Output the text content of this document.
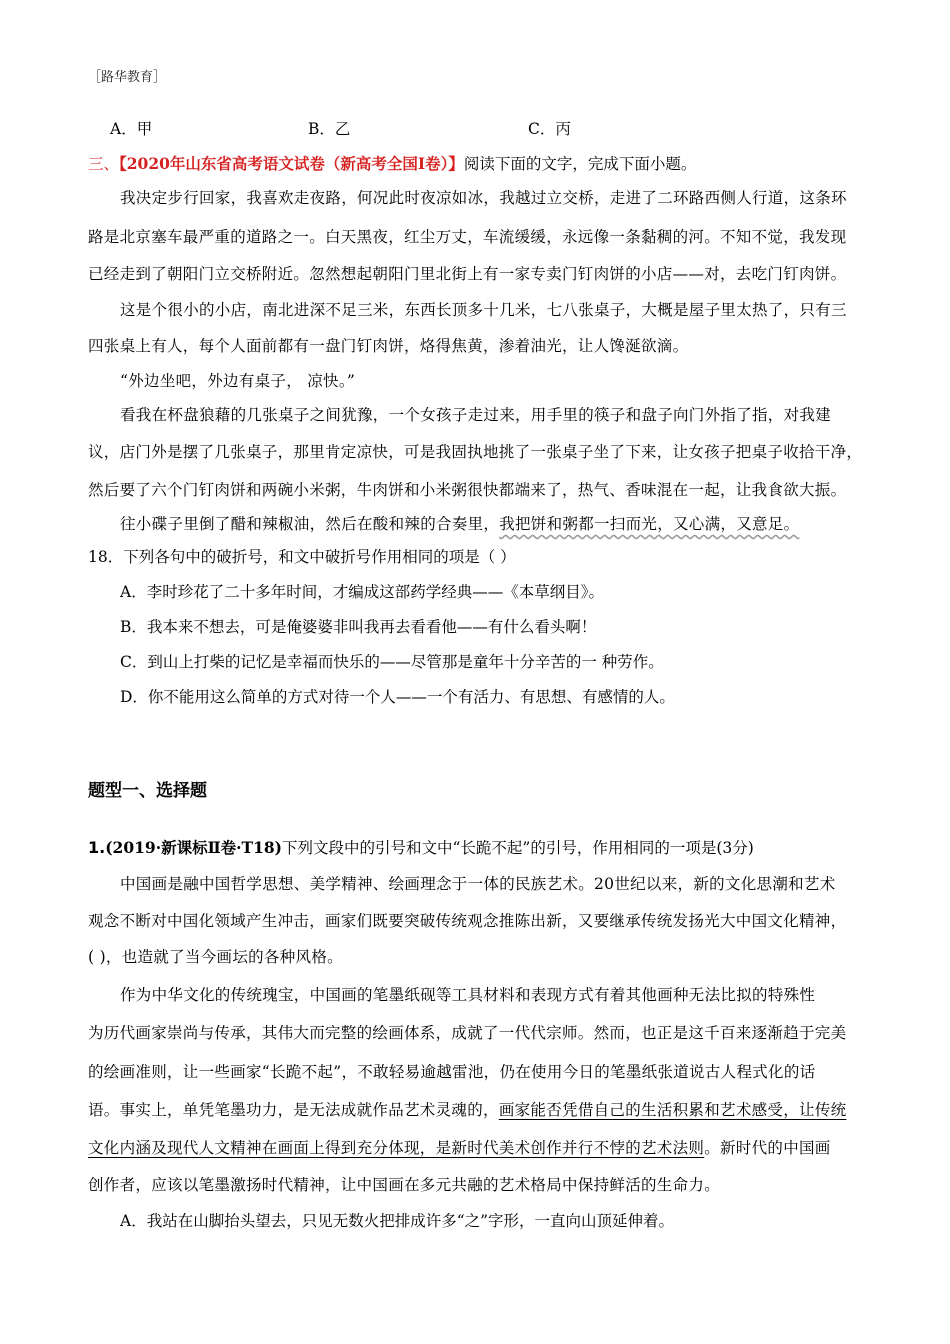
［路华教育］
A．甲	B．乙	C．丙
三、【2020年山东省高考语文试卷（新高考全国Ⅰ卷）】阅读下面的文字，完成下面小题。
我决定步行回家，我喜欢走夜路，何况此时夜凉如冰，我越过立交桥，走进了二环路西侧人行道，这条环
路是北京塞车最严重的道路之一。白天黑夜，红尘万丈，车流缓缓，永远像一条黏稠的河。不知不觉，我发现
已经走到了朝阳门立交桥附近。忽然想起朝阳门里北街上有一家专卖门钉肉饼的小店——对，去吃门钉肉饼。
这是个很小的小店，南北进深不足三米，东西长顶多十几米，七八张桌子，大概是屋子里太热了，只有三
四张桌上有人，每个人面前都有一盘门钉肉饼，烙得焦黄，渗着油光，让人馋涎欲滴。
“外边坐吧，外边有桌子， 凉快。”
看我在杯盘狼藉的几张桌子之间犹豫，一个女孩子走过来，用手里的筷子和盘子向门外指了指，对我建
议，店门外是摆了几张桌子，那里肯定凉快，可是我固执地挑了一张桌子坐了下来，让女孩子把桌子收拾干净，
然后要了六个门钉肉饼和两碗小米粥，牛肉饼和小米粥很快都端来了，热气、香味混在一起，让我食欲大振。
往小碟子里倒了醋和辣椒油，然后在酸和辣的合奏里，我把饼和粥都一扫而光，又心满，又意足。
18．下列各句中的破折号，和文中破折号作用相同的项是（ ）
A．李时珍花了二十多年时间，才编成这部药学经典——《本草纲目》。
B．我本来不想去，可是俺婆婆非叫我再去看看他——有什么看头啊！
C．到山上打柴的记忆是幸福而快乐的——尽管那是童年十分辛苦的一 种劳作。
D．你不能用这么简单的方式对待一个人——一个有活力、有思想、有感情的人。
题型一、选择题
1.(2019·新课标Ⅱ卷·T18)下列文段中的引号和文中“长跪不起”的引号，作用相同的一项是(3分)
中国画是融中国哲学思想、美学精神、绘画理念于一体的民族艺术。20世纪以来，新的文化思潮和艺术
观念不断对中国化领域产生冲击，画家们既要突破传统观念推陈出新，又要继承传统发扬光大中国文化精神，
( )，也造就了当今画坛的各种风格。
作为中华文化的传统瑰宝，中国画的笔墨纸砚等工具材料和表现方式有着其他画种无法比拟的特殊性
为历代画家崇尚与传承，其伟大而完整的绘画体系，成就了一代代宗师。然而，也正是这千百来逐渐趋于完美
的绘画准则，让一些画家“长跪不起”，不敢轻易逾越雷池，仍在使用今日的笔墨纸张道说古人程式化的话
语。事实上，单凭笔墨功力，是无法成就作品艺术灵魂的，画家能否凭借自己的生活积累和艺术感受，让传统
文化内涵及现代人文精神在画面上得到充分体现，是新时代美术创作并行不悖的艺术法则。新时代的中国画
创作者，应该以笔墨激扬时代精神，让中国画在多元共融的艺术格局中保持鲜活的生命力。
A．我站在山脚抬头望去，只见无数火把排成许多“之”字形，一直向山顶延伸着。
